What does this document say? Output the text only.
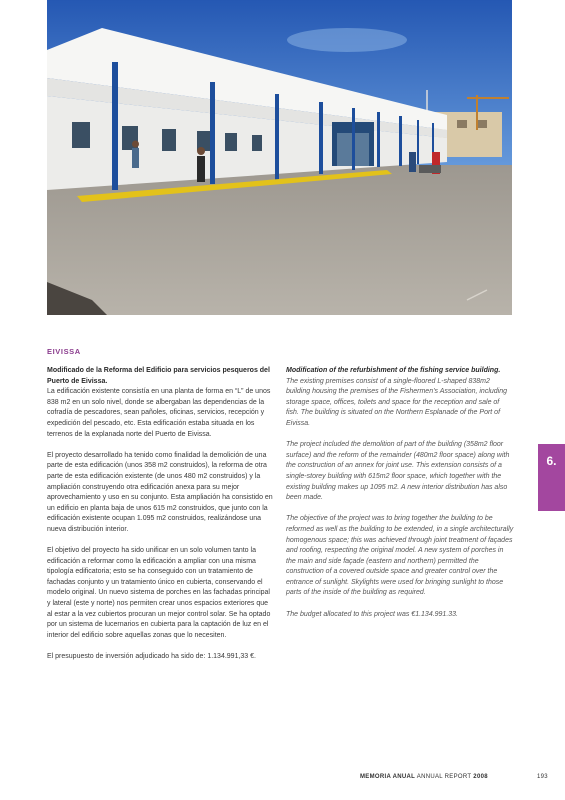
EIVISSA

Modificado de la Reforma del Edificio para servicios pesqueros del Puerto de Eivissa.
La edificación existente consistía en una planta de forma en “L” de unos 838 m2 en un solo nivel, donde se albergaban las dependencias de la cofradía de pescadores, sean pañoles, oficinas, servicios, recepción y expedición del pescado, etc. Esta edificación estaba situada en los terrenos de la explanada norte del Puerto de Eivissa.

El proyecto desarrollado ha tenido como finalidad la demolición de una parte de esta edificación (unos 358 m2 construidos), la reforma de otra parte de esta edificación existente (de unos 480 m2 construidos) y la ampliación construyendo otra edificación anexa para su mejor aprovechamiento y uso en su conjunto. Esta ampliación ha consistido en un edificio en planta baja de unos 615 m2 construidos, que junto con la edificación existente ocupan 1.095 m2 construidos, realizándose una nueva distribución interior.

El objetivo del proyecto ha sido unificar en un solo volumen tanto la edificación a reformar como la edificación a ampliar con una misma tipología edificatoria; esto se ha conseguido con un tratamiento de fachadas conjunto y un tratamiento único en cubierta, conservando el modelo original. Un nuevo sistema de porches en las fachadas principal y lateral (este y norte) nos permiten crear unos espacios exteriores que al estar a la vez cubiertos procuran un mejor control solar. Se ha optado por un sistema de lucernarios en cubierta para la captación de luz en el interior del edificio sobre aquellas zonas que lo necesiten.

El presupuesto de inversión adjudicado ha sido de: 1.134.991,33 €.

Modification of the refurbishment of the fishing service building.
The existing premises consist of a single-floored L-shaped 838m2 building housing the premises of the Fishermen’s Association, including storage space, offices, toilets and space for the reception and sale of fish. The building is situated on the Northern Esplanade of the Port of Eivissa.

The project included the demolition of part of the building (358m2 floor surface) and the reform of the remainder (480m2 floor space) along with the construction of an annex for joint use. This extension consists of a single-storey building with 615m2 floor space, which together with the existing building makes up 1095 m2. A new interior distribution has also been made.

The objective of the project was to bring together the building to be reformed as well as the building to be extended, in a single architecturally homogenous space; this was achieved through joint treatment of façades and roofing, respecting the original model. A new system of porches in the main and side façade (eastern and northern) permitted the construction of a covered outside space and greater control over the entrance of sunlight. Skylights were used for bringing sunlight to those parts of the inside of the building as required.

The budget allocated to this project was €1.134.991.33.

6.
MEMORIA ANUAL ANNUAL REPORT 2008	193
